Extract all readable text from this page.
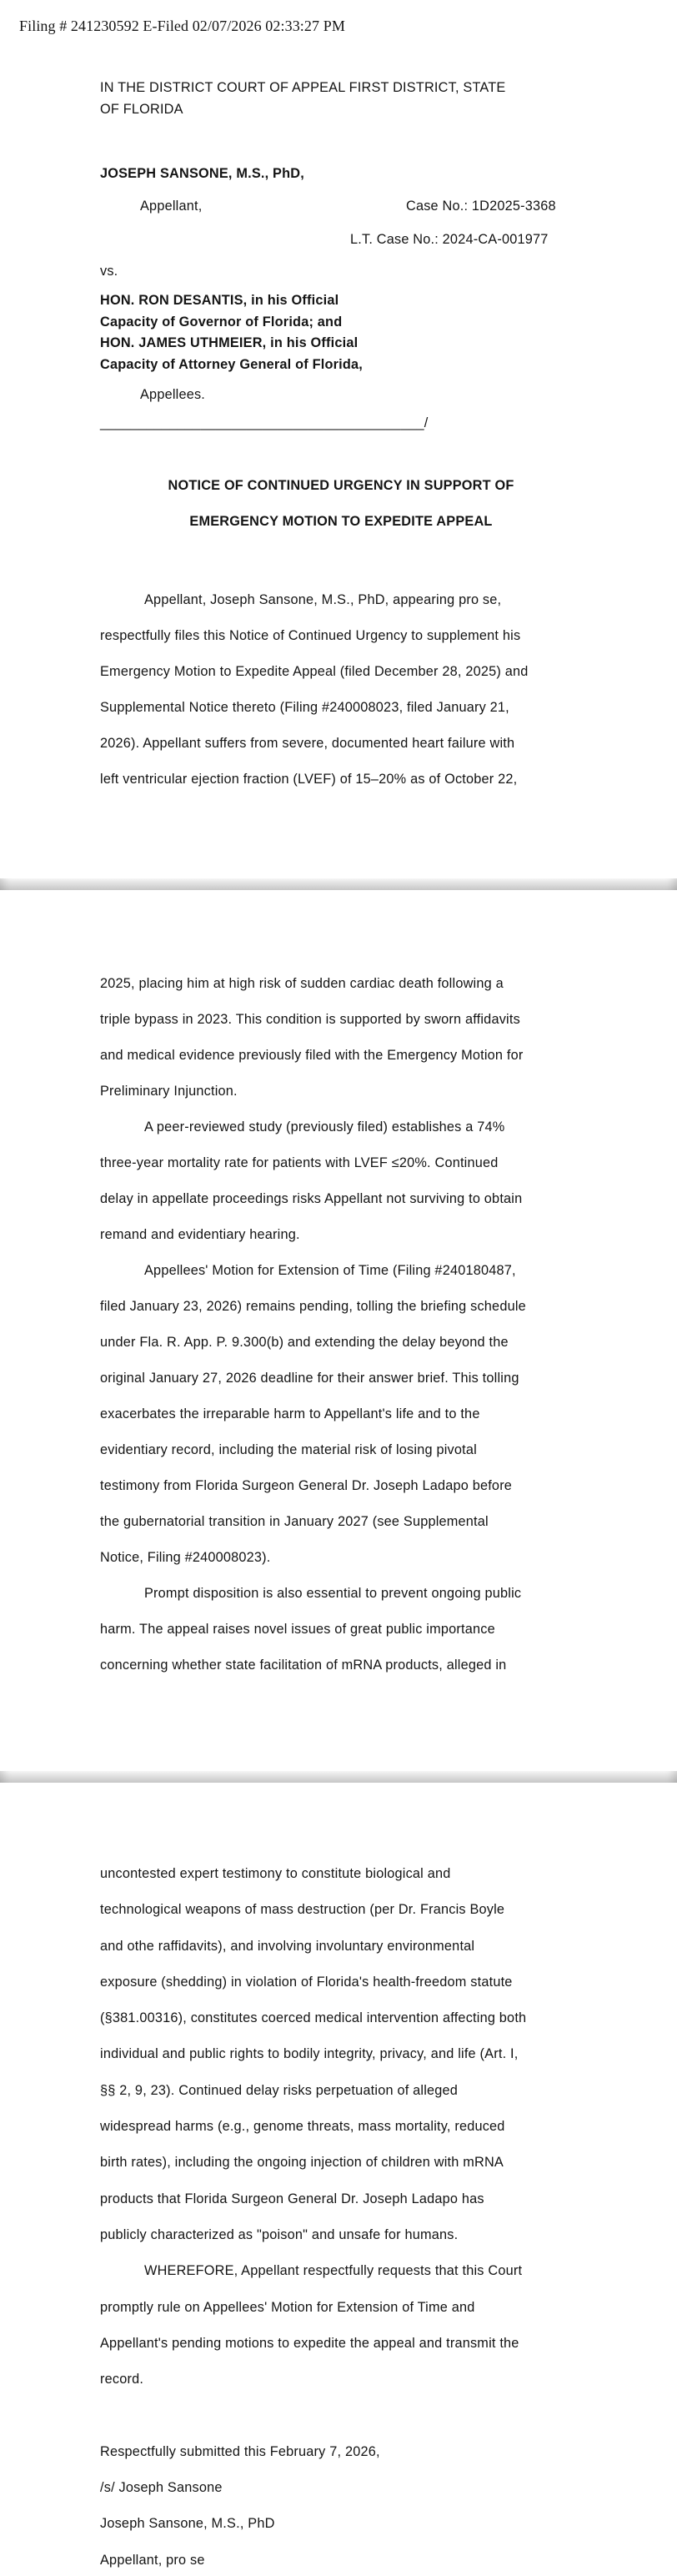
Filing # 241230592 E-Filed 02/07/2026 02:33:27 PM
IN THE DISTRICT COURT OF APPEAL FIRST DISTRICT, STATE
OF FLORIDA
JOSEPH SANSONE, M.S., PhD,
Appellant,	Case No.: 1D2025-3368
L.T. Case No.: 2024-CA-001977
vs.
HON. RON DESANTIS, in his Official
Capacity of Governor of Florida; and
HON. JAMES UTHMEIER, in his Official
Capacity of Attorney General of Florida,
Appellees.
__________________________________________/
NOTICE OF CONTINUED URGENCY IN SUPPORT OF
EMERGENCY MOTION TO EXPEDITE APPEAL
Appellant, Joseph Sansone, M.S., PhD, appearing pro se,
respectfully files this Notice of Continued Urgency to supplement his
Emergency Motion to Expedite Appeal (filed December 28, 2025) and
Supplemental Notice thereto (Filing #240008023, filed January 21,
2026). Appellant suffers from severe, documented heart failure with
left ventricular ejection fraction (LVEF) of 15–20% as of October 22,
2025, placing him at high risk of sudden cardiac death following a
triple bypass in 2023. This condition is supported by sworn affidavits
and medical evidence previously filed with the Emergency Motion for
Preliminary Injunction.
A peer-reviewed study (previously filed) establishes a 74%
three-year mortality rate for patients with LVEF ≤20%. Continued
delay in appellate proceedings risks Appellant not surviving to obtain
remand and evidentiary hearing.
Appellees' Motion for Extension of Time (Filing #240180487,
filed January 23, 2026) remains pending, tolling the briefing schedule
under Fla. R. App. P. 9.300(b) and extending the delay beyond the
original January 27, 2026 deadline for their answer brief. This tolling
exacerbates the irreparable harm to Appellant's life and to the
evidentiary record, including the material risk of losing pivotal
testimony from Florida Surgeon General Dr. Joseph Ladapo before
the gubernatorial transition in January 2027 (see Supplemental
Notice, Filing #240008023).
Prompt disposition is also essential to prevent ongoing public
harm. The appeal raises novel issues of great public importance
concerning whether state facilitation of mRNA products, alleged in
uncontested expert testimony to constitute biological and
technological weapons of mass destruction (per Dr. Francis Boyle
and othe raffidavits), and involving involuntary environmental
exposure (shedding) in violation of Florida's health-freedom statute
(§381.00316), constitutes coerced medical intervention affecting both
individual and public rights to bodily integrity, privacy, and life (Art. I,
§§ 2, 9, 23). Continued delay risks perpetuation of alleged
widespread harms (e.g., genome threats, mass mortality, reduced
birth rates), including the ongoing injection of children with mRNA
products that Florida Surgeon General Dr. Joseph Ladapo has
publicly characterized as "poison" and unsafe for humans.
WHEREFORE, Appellant respectfully requests that this Court
promptly rule on Appellees' Motion for Extension of Time and
Appellant's pending motions to expedite the appeal and transmit the
record.

Respectfully submitted this February 7, 2026,
/s/ Joseph Sansone
Joseph Sansone, M.S., PhD
Appellant, pro se
